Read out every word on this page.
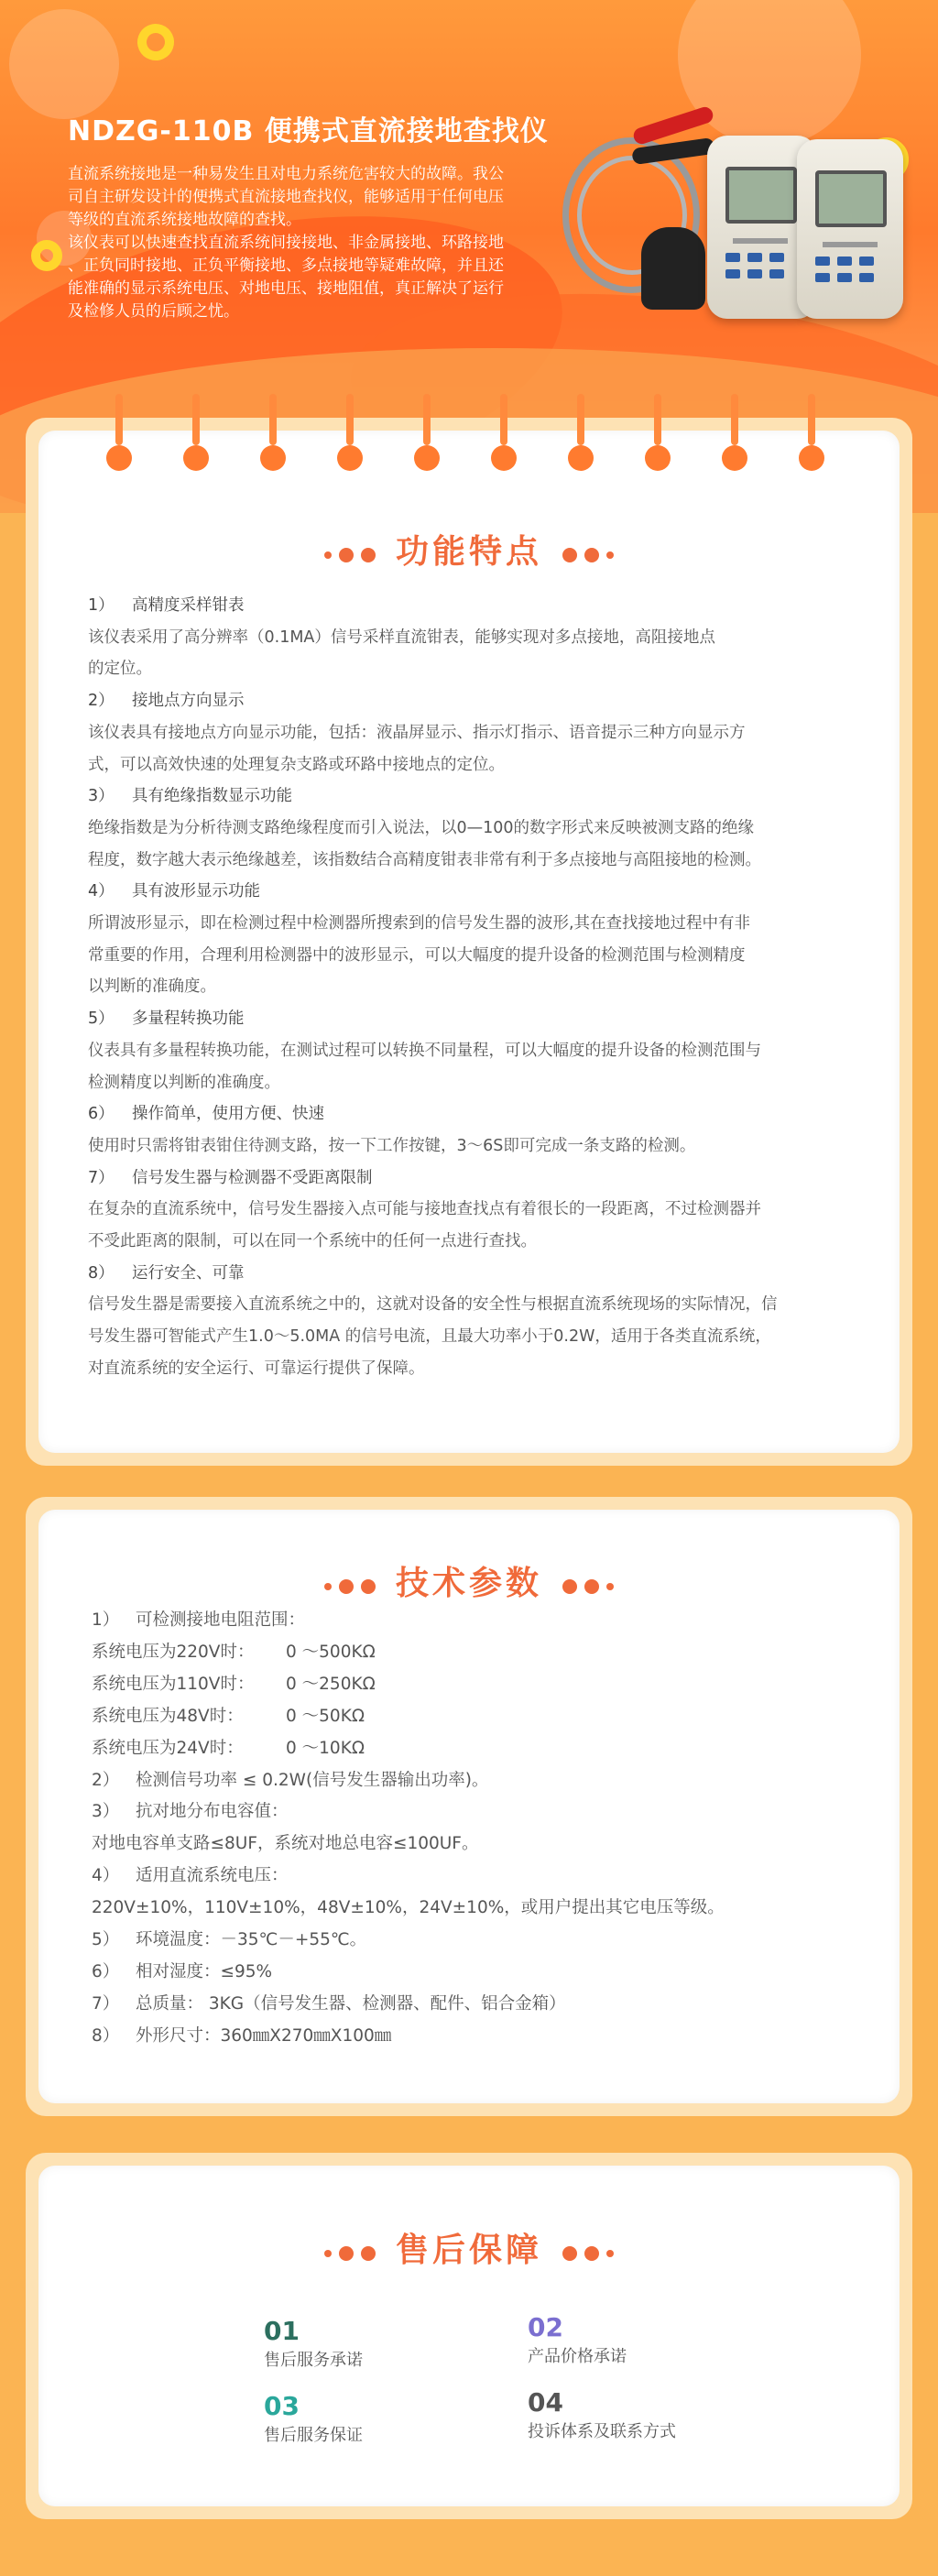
NDZG-110B 便携式直流接地查找仪

直流系统接地是一种易发生且对电力系统危害较大的故障。我公

司自主研发设计的便携式直流接地查找仪，能够适用于任何电压

等级的直流系统接地故障的查找。

该仪表可以快速查找直流系统间接接地、非金属接地、环路接地

、正负同时接地、正负平衡接地、多点接地等疑难故障，并且还

能准确的显示系统电压、对地电压、接地阻值，真正解决了运行

及检修人员的后顾之忧。

功能特点
1） 高精度采样钳表
该仪表采用了高分辨率（0.1MA）信号采样直流钳表，能够实现对多点接地，高阻接地点
的定位。
2） 接地点方向显示
该仪表具有接地点方向显示功能，包括：液晶屏显示、指示灯指示、语音提示三种方向显示方
式，可以高效快速的处理复杂支路或环路中接地点的定位。
3） 具有绝缘指数显示功能
绝缘指数是为分析待测支路绝缘程度而引入说法，以0—100的数字形式来反映被测支路的绝缘
程度，数字越大表示绝缘越差，该指数结合高精度钳表非常有利于多点接地与高阻接地的检测。
4） 具有波形显示功能
所谓波形显示，即在检测过程中检测器所搜索到的信号发生器的波形,其在查找接地过程中有非
常重要的作用，合理利用检测器中的波形显示，可以大幅度的提升设备的检测范围与检测精度
以判断的准确度。
5） 多量程转换功能
仪表具有多量程转换功能，在测试过程可以转换不同量程，可以大幅度的提升设备的检测范围与
检测精度以判断的准确度。
6） 操作简单，使用方便、快速
使用时只需将钳表钳住待测支路，按一下工作按键，3～6S即可完成一条支路的检测。
7） 信号发生器与检测器不受距离限制
在复杂的直流系统中，信号发生器接入点可能与接地查找点有着很长的一段距离，不过检测器并
不受此距离的限制，可以在同一个系统中的任何一点进行查找。
8） 运行安全、可靠
信号发生器是需要接入直流系统之中的，这就对设备的安全性与根据直流系统现场的实际情况，信
号发生器可智能式产生1.0～5.0MA 的信号电流，且最大功率小于0.2W，适用于各类直流系统，
对直流系统的安全运行、可靠运行提供了保障。
技术参数
1） 可检测接地电阻范围：
系统电压为220V时： 0 ～500KΩ
系统电压为110V时： 0 ～250KΩ
系统电压为48V时：	0 ～50KΩ
系统电压为24V时：	0 ～10KΩ
2） 检测信号功率 ≤ 0.2W(信号发生器输出功率)。
3） 抗对地分布电容值：
对地电容单支路≤8UF，系统对地总电容≤100UF。
4） 适用直流系统电压：
220V±10%，110V±10%，48V±10%，24V±10%，或用户提出其它电压等级。
5） 环境温度：－35℃－+55℃。
6） 相对湿度：≤95%
7） 总质量： 3KG（信号发生器、检测器、配件、铝合金箱）
8） 外形尺寸：360㎜X270㎜X100㎜
售后保障
01
售后服务承诺
02
产品价格承诺
03
售后服务保证
04
投诉体系及联系方式
